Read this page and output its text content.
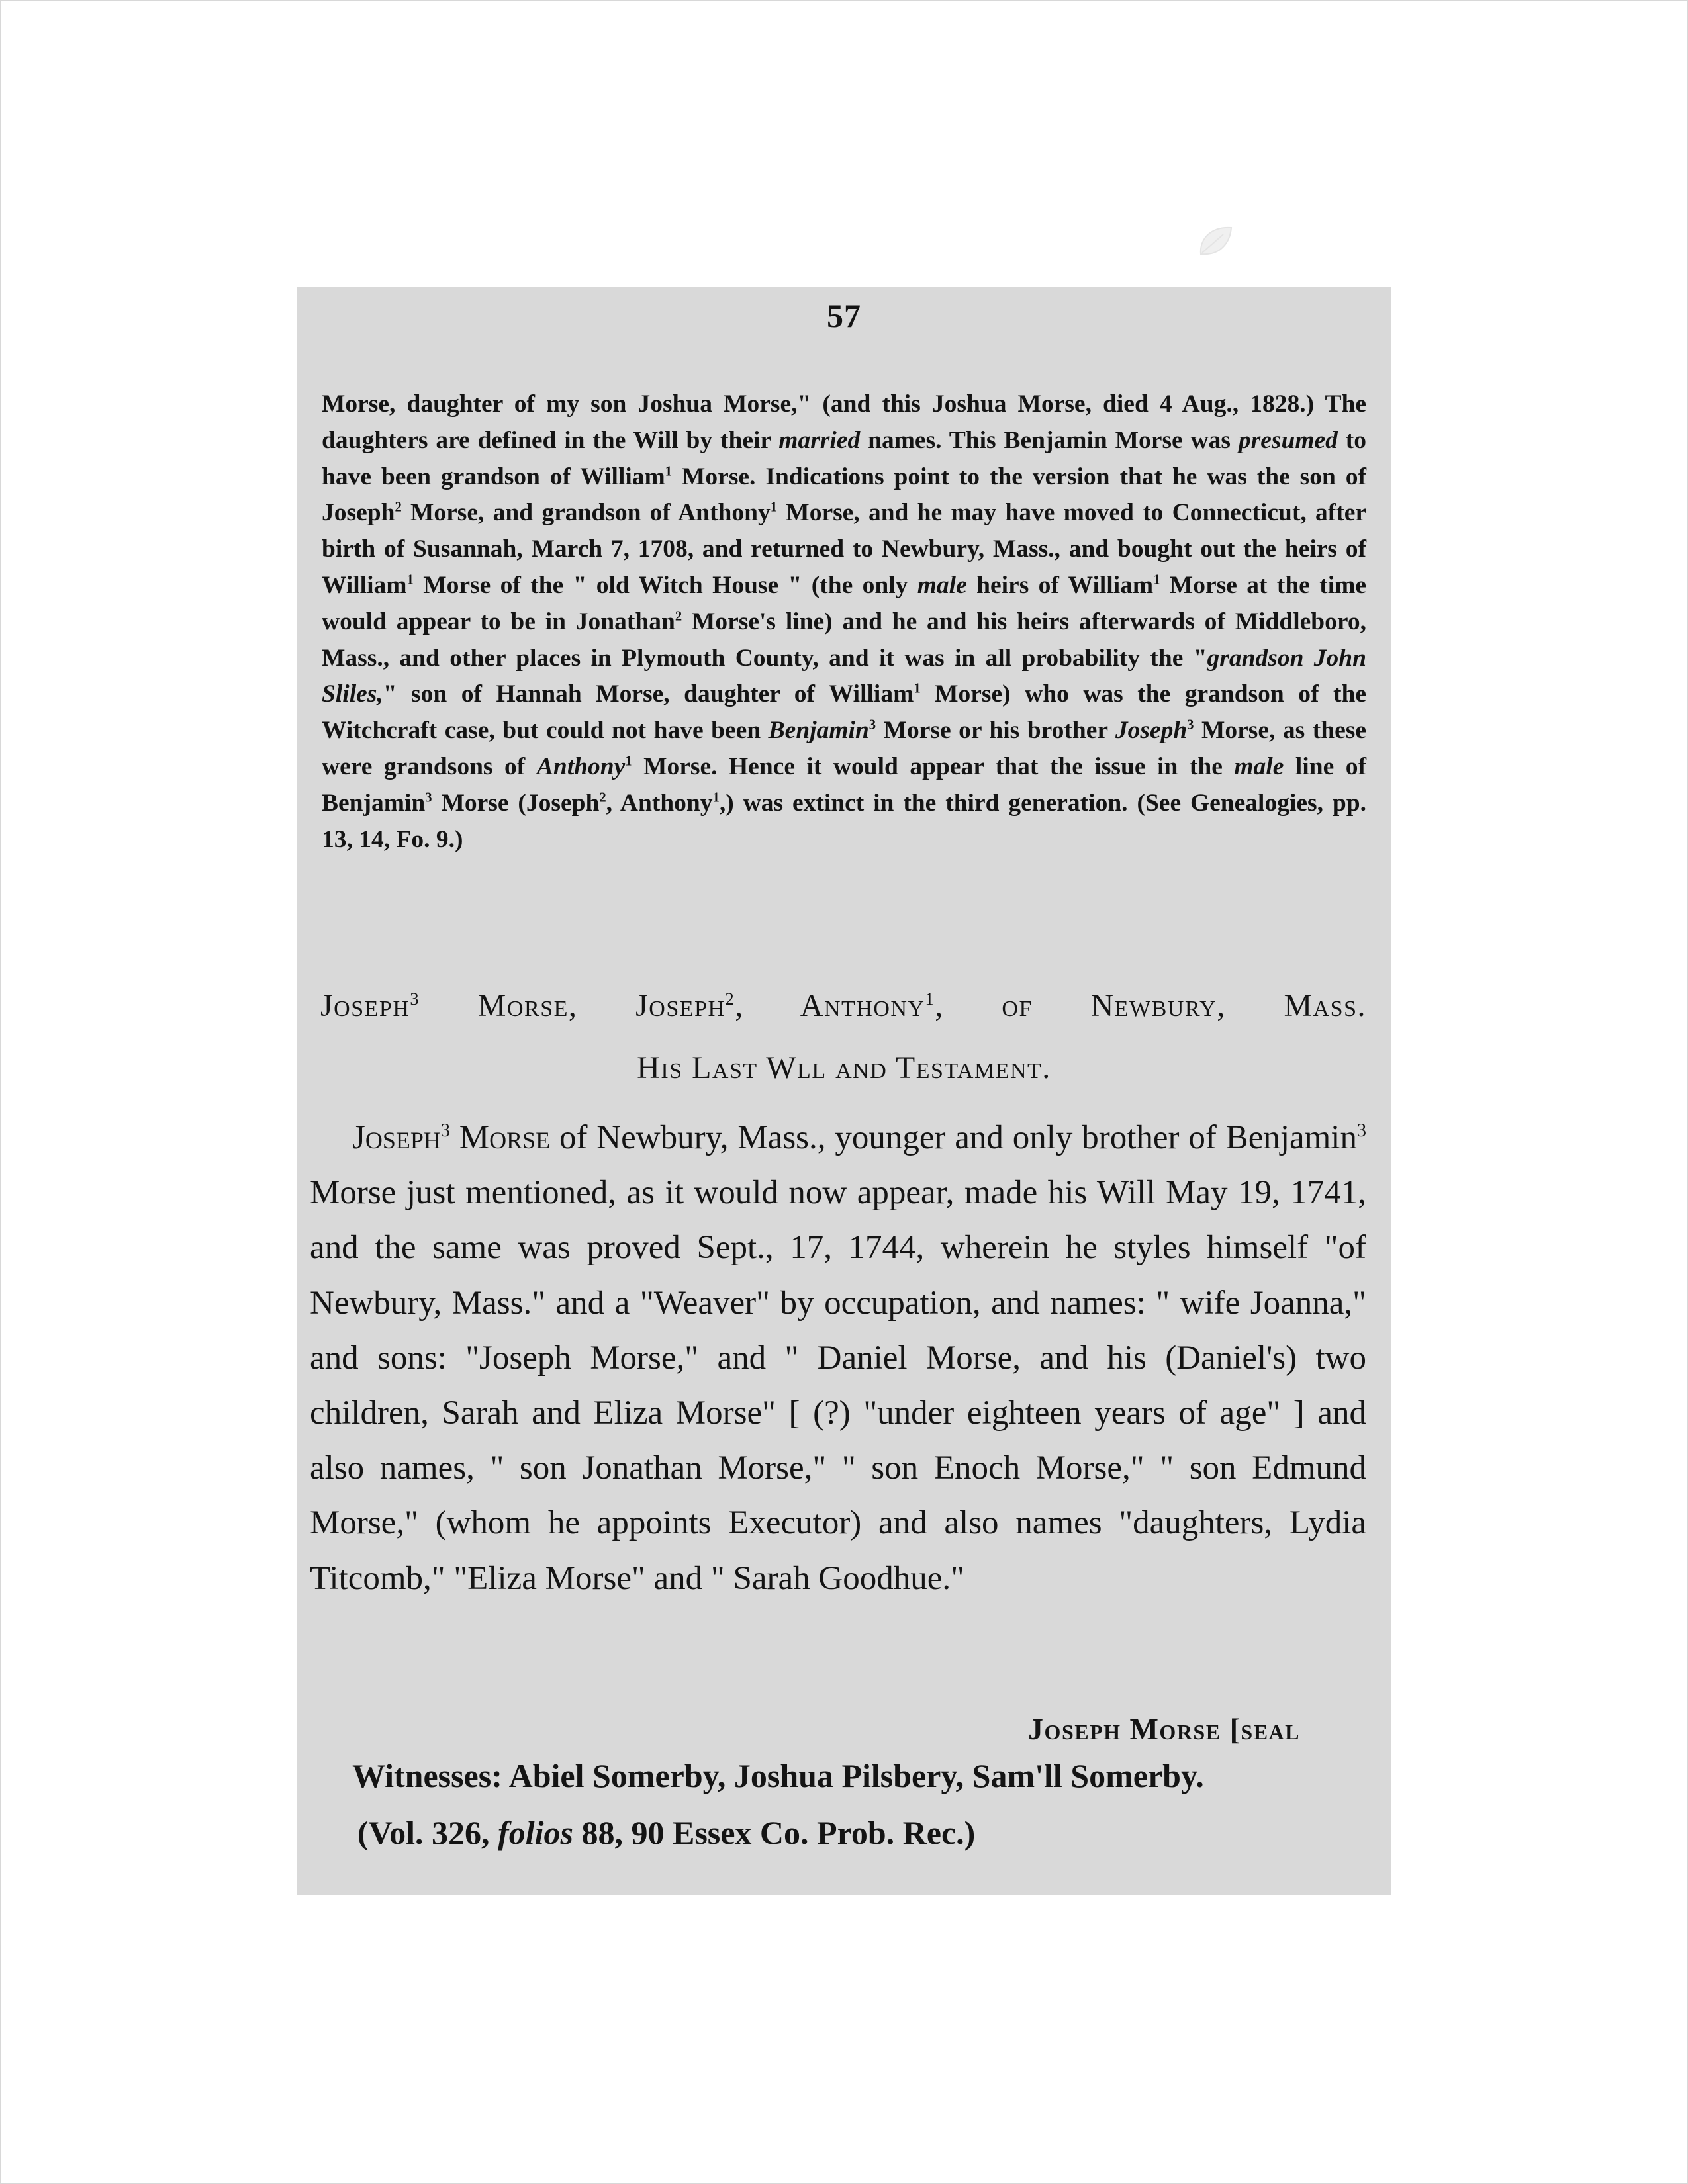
57

Morse, daughter of my son Joshua Morse," (and this Joshua Morse, died 4 Aug., 1828.) The daughters are defined in the Will by their married names. This Benjamin Morse was presumed to have been grandson of William$^1$ Morse. Indications point to the version that he was the son of Joseph$^2$ Morse, and grandson of Anthony$^1$ Morse, and he may have moved to Connecticut, after birth of Susannah, March 7, 1708, and returned to Newbury, Mass., and bought out the heirs of William$^1$ Morse of the " old Witch House " (the only male heirs of William$^1$ Morse at the time would appear to be in Jonathan$^2$ Morse's line) and he and his heirs afterwards of Middleboro, Mass., and other places in Plymouth County, and it was in all probability the "grandson John Sliles," son of Hannah Morse, daughter of William$^1$ Morse) who was the grandson of the Witchcraft case, but could not have been Benjamin$^3$ Morse or his brother Joseph$^3$ Morse, as these were grandsons of Anthony$^1$ Morse. Hence it would appear that the issue in the male line of Benjamin$^3$ Morse (Joseph$^2$, Anthony$^1$,) was extinct in the third generation. (See Genealogies, pp. 13, 14, Fo. 9.)

Joseph$^3$ Morse, Joseph$^2$, Anthony$^1$, of Newbury, Mass.

His Last Wll and Testament.

Joseph$^3$ Morse of Newbury, Mass., younger and only brother of Benjamin$^3$ Morse just mentioned, as it would now appear, made his Will May 19, 1741, and the same was proved Sept., 17, 1744, wherein he styles himself "of Newbury, Mass." and a "Weaver" by occupation, and names: " wife Joanna," and sons: "Joseph Morse," and " Daniel Morse, and his (Daniel's) two children, Sarah and Eliza Morse" [ (?) "under eighteen years of age" ] and also names, " son Jonathan Morse," " son Enoch Morse," " son Edmund Morse," (whom he appoints Executor) and also names "daughters, Lydia Titcomb," "Eliza Morse" and " Sarah Goodhue."

Joseph Morse [seal

Witnesses: Abiel Somerby, Joshua Pilsbery, Sam'll Somerby.

(Vol. 326, folios 88, 90 Essex Co. Prob. Rec.)
